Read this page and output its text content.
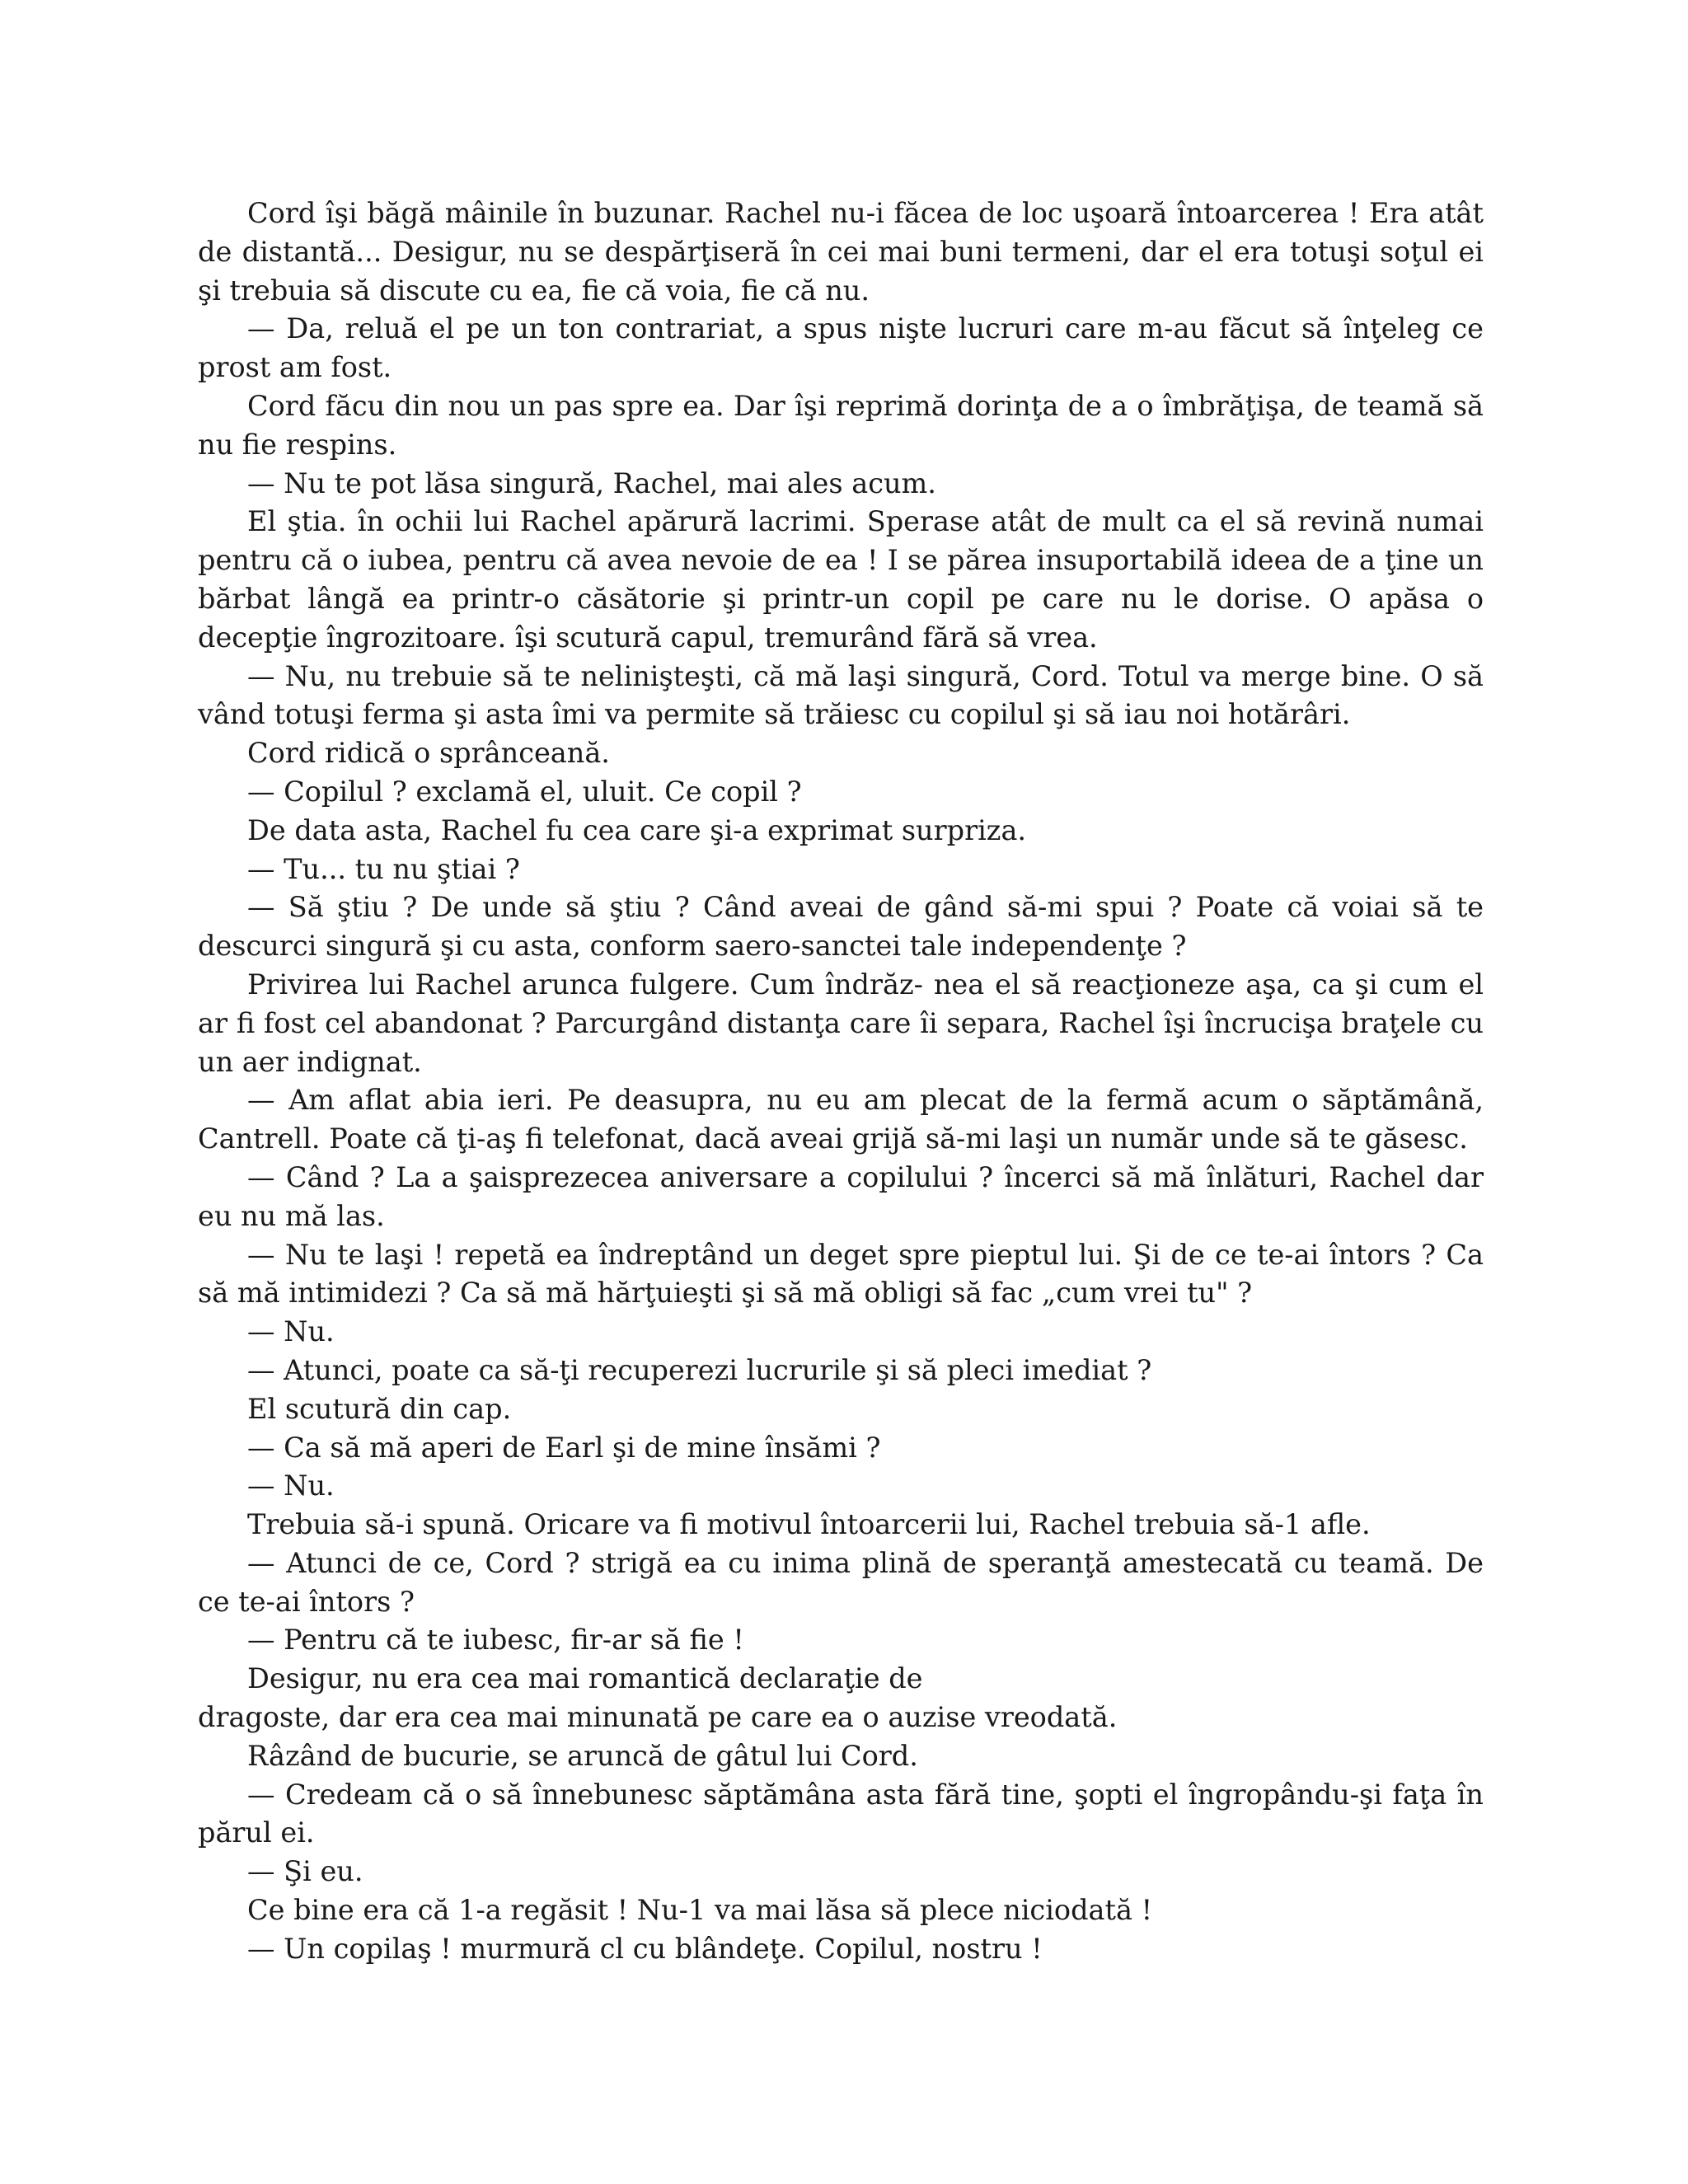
Cord îşi băgă mâinile în buzunar. Rachel nu-i făcea de loc uşoară întoarcerea ! Era atât de distantă... Desigur, nu se despărţiseră în cei mai buni termeni, dar el era totuşi soţul ei şi trebuia să discute cu ea, fie că voia, fie că nu.

— Da, reluă el pe un ton contrariat, a spus nişte lucruri care m-au făcut să înţeleg ce prost am fost.

Cord făcu din nou un pas spre ea. Dar îşi reprimă dorinţa de a o îmbrăţişa, de teamă să nu fie respins.

— Nu te pot lăsa singură, Rachel, mai ales acum.

El ştia. în ochii lui Rachel apărură lacrimi. Sperase atât de mult ca el să revină numai pentru că o iubea, pentru că avea nevoie de ea ! I se părea insuportabilă ideea de a ţine un bărbat lângă ea printr-o căsătorie şi printr-un copil pe care nu le dorise. O apăsa o decepţie îngrozitoare. îşi scutură capul, tremurând fără să vrea.

— Nu, nu trebuie să te nelinişteşti, că mă laşi singură, Cord. Totul va merge bine. O să vând totuşi ferma şi asta îmi va permite să trăiesc cu copilul şi să iau noi hotărâri.

Cord ridică o sprânceană.

— Copilul ? exclamă el, uluit. Ce copil ?

De data asta, Rachel fu cea care şi-a exprimat surpriza.

— Tu... tu nu ştiai ?

— Să ştiu ? De unde să ştiu ? Când aveai de gând să-mi spui ? Poate că voiai să te descurci singură şi cu asta, conform saero-sanctei tale independenţe ?

Privirea lui Rachel arunca fulgere. Cum îndrăz- nea el să reacţioneze aşa, ca şi cum el ar fi fost cel abandonat ? Parcurgând distanţa care îi separa, Rachel îşi încrucişa braţele cu un aer indignat.

— Am aflat abia ieri. Pe deasupra, nu eu am plecat de la fermă acum o săptămână, Cantrell. Poate că ţi-aş fi telefonat, dacă aveai grijă să-mi laşi un număr unde să te găsesc.

— Când ? La a şaisprezecea aniversare a copilului ? încerci să mă înlături, Rachel dar eu nu mă las.

— Nu te laşi ! repetă ea îndreptând un deget spre pieptul lui. Şi de ce te-ai întors ? Ca să mă intimidezi ? Ca să mă hărţuieşti şi să mă obligi să fac „cum vrei tu" ?

— Nu.

— Atunci, poate ca să-ţi recuperezi lucrurile şi să pleci imediat ?

El scutură din cap.

— Ca să mă aperi de Earl şi de mine însămi ?

— Nu.

Trebuia să-i spună. Oricare va fi motivul întoarcerii lui, Rachel trebuia să-1 afle.

— Atunci de ce, Cord ? strigă ea cu inima plină de speranţă amestecată cu teamă. De ce te-ai întors ?

— Pentru că te iubesc, fir-ar să fie !

Desigur, nu era cea mai romantică declaraţie de

dragoste, dar era cea mai minunată pe care ea o auzise vreodată.

Râzând de bucurie, se aruncă de gâtul lui Cord.

— Credeam că o să înnebunesc săptămâna asta fără tine, şopti el îngropându-şi faţa în părul ei.

— Şi eu.

Ce bine era că 1-a regăsit ! Nu-1 va mai lăsa să plece niciodată !

— Un copilaş ! murmură cl cu blândeţe. Copilul, nostru !
